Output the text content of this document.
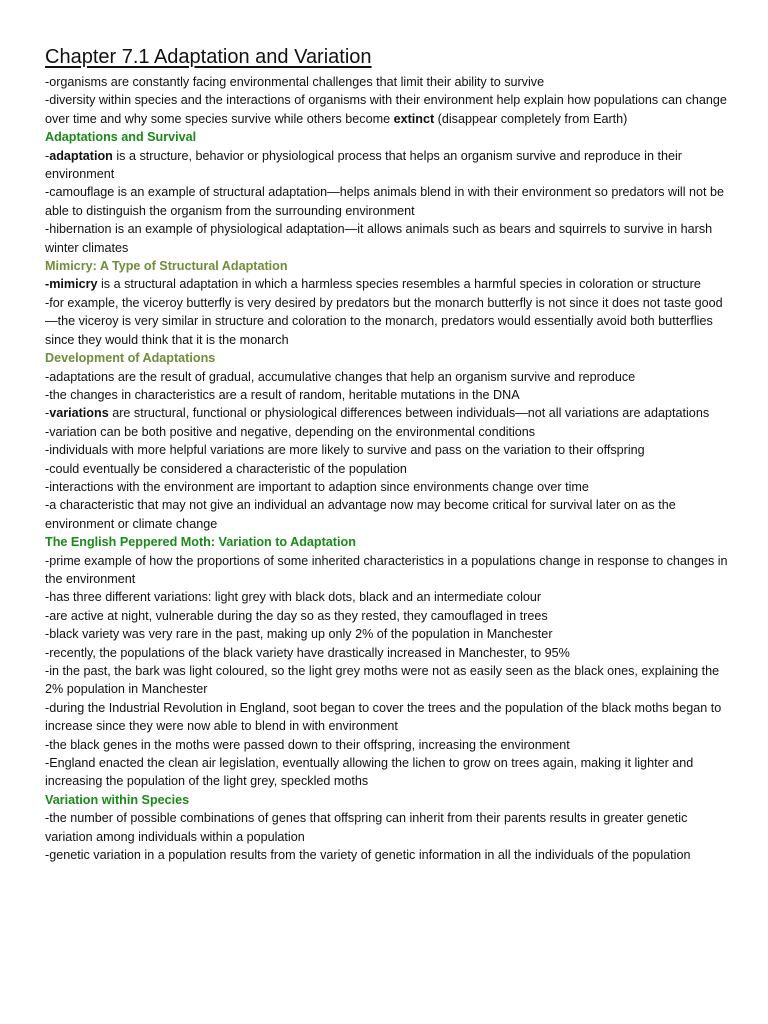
Chapter 7.1 Adaptation and Variation

-organisms are constantly facing environmental challenges that limit their ability to survive

-diversity within species and the interactions of organisms with their environment help explain how populations can change over time and why some species survive while others become extinct (disappear completely from Earth)

Adaptations and Survival

-adaptation is a structure, behavior or physiological process that helps an organism survive and reproduce in their environment

-camouflage is an example of structural adaptation—helps animals blend in with their environment so predators will not be able to distinguish the organism from the surrounding environment

-hibernation is an example of physiological adaptation—it allows animals such as bears and squirrels to survive in harsh winter climates

Mimicry: A Type of Structural Adaptation

-mimicry is a structural adaptation in which a harmless species resembles a harmful species in coloration or structure

-for example, the viceroy butterfly is very desired by predators but the monarch butterfly is not since it does not taste good—the viceroy is very similar in structure and coloration to the monarch, predators would essentially avoid both butterflies since they would think that it is the monarch

Development of Adaptations

-adaptations are the result of gradual, accumulative changes that help an organism survive and reproduce

-the changes in characteristics are a result of random, heritable mutations in the DNA

-variations are structural, functional or physiological differences between individuals—not all variations are adaptations

-variation can be both positive and negative, depending on the environmental conditions

-individuals with more helpful variations are more likely to survive and pass on the variation to their offspring

-could eventually be considered a characteristic of the population

-interactions with the environment are important to adaption since environments change over time

-a characteristic that may not give an individual an advantage now may become critical for survival later on as the environment or climate change

The English Peppered Moth: Variation to Adaptation

-prime example of how the proportions of some inherited characteristics in a populations change in response to changes in the environment

-has three different variations: light grey with black dots, black and an intermediate colour

-are active at night, vulnerable during the day so as they rested, they camouflaged in trees

-black variety was very rare in the past, making up only 2% of the population in Manchester

-recently, the populations of the black variety have drastically increased in Manchester, to 95%

-in the past, the bark was light coloured, so the light grey moths were not as easily seen as the black ones, explaining the 2% population in Manchester

-during the Industrial Revolution in England, soot began to cover the trees and the population of the black moths began to increase since they were now able to blend in with environment

-the black genes in the moths were passed down to their offspring, increasing the environment

-England enacted the clean air legislation, eventually allowing the lichen to grow on trees again, making it lighter and increasing the population of the light grey, speckled moths

Variation within Species

-the number of possible combinations of genes that offspring can inherit from their parents results in greater genetic variation among individuals within a population

-genetic variation in a population results from the variety of genetic information in all the individuals of the population
